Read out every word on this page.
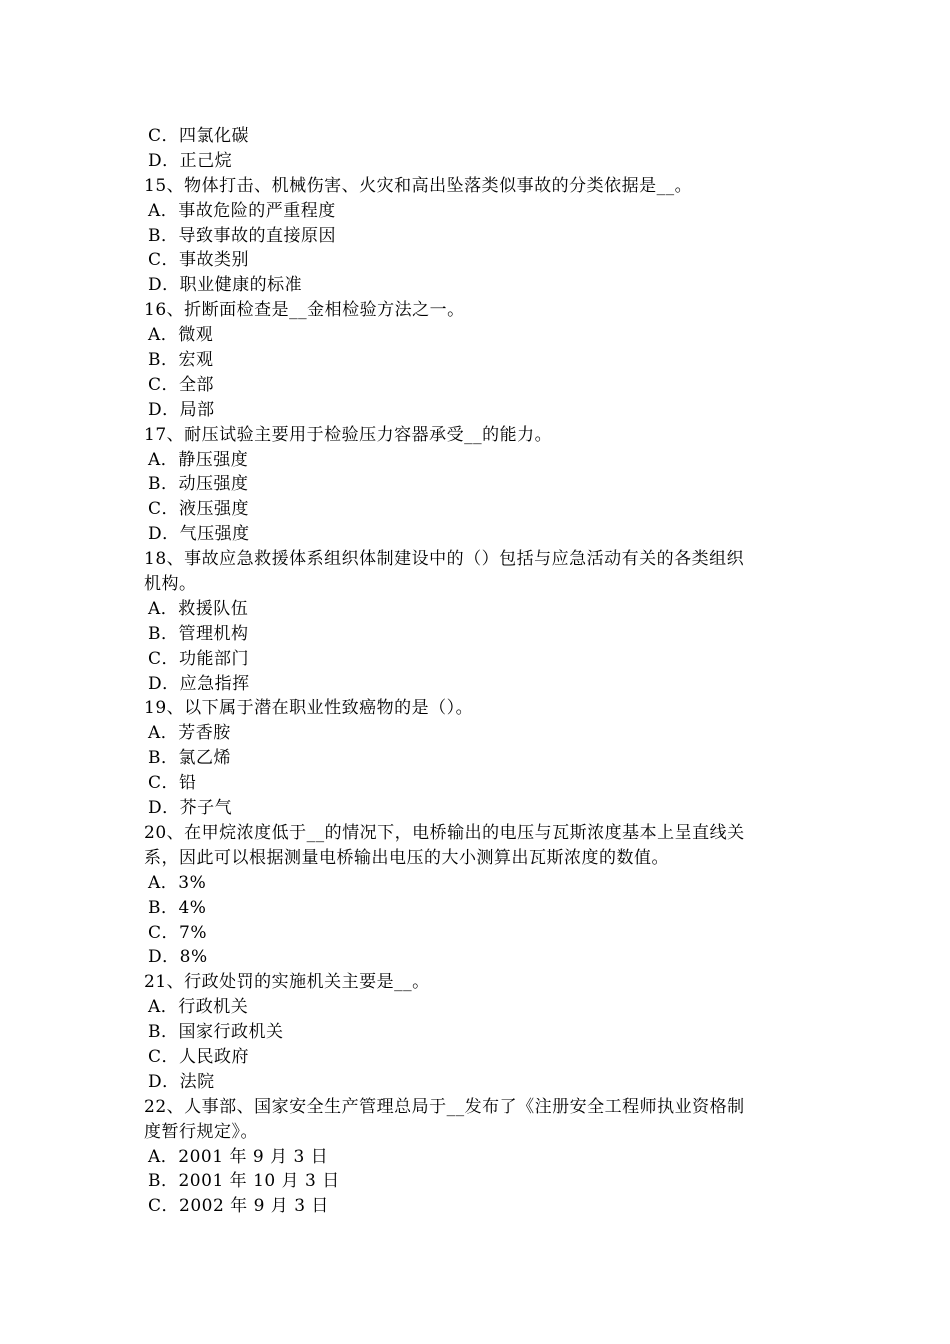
C．四氯化碳
D．正己烷
15、物体打击、机械伤害、火灾和高出坠落类似事故的分类依据是__。
A．事故危险的严重程度
B．导致事故的直接原因
C．事故类别
D．职业健康的标准
16、折断面检查是__金相检验方法之一。
A．微观
B．宏观
C．全部
D．局部
17、耐压试验主要用于检验压力容器承受__的能力。
A．静压强度
B．动压强度
C．液压强度
D．气压强度
18、事故应急救援体系组织体制建设中的（）包括与应急活动有关的各类组织
机构。
A．救援队伍
B．管理机构
C．功能部门
D．应急指挥
19、以下属于潜在职业性致癌物的是（）。
A．芳香胺
B．氯乙烯
C．铅
D．芥子气
20、在甲烷浓度低于__的情况下，电桥输出的电压与瓦斯浓度基本上呈直线关
系，因此可以根据测量电桥输出电压的大小测算出瓦斯浓度的数值。
A．3%
B．4%
C．7%
D．8%
21、行政处罚的实施机关主要是__。
A．行政机关
B．国家行政机关
C．人民政府
D．法院
22、人事部、国家安全生产管理总局于__发布了《注册安全工程师执业资格制
度暂行规定》。
A．2001 年 9 月 3 日
B．2001 年 10 月 3 日
C．2002 年 9 月 3 日
